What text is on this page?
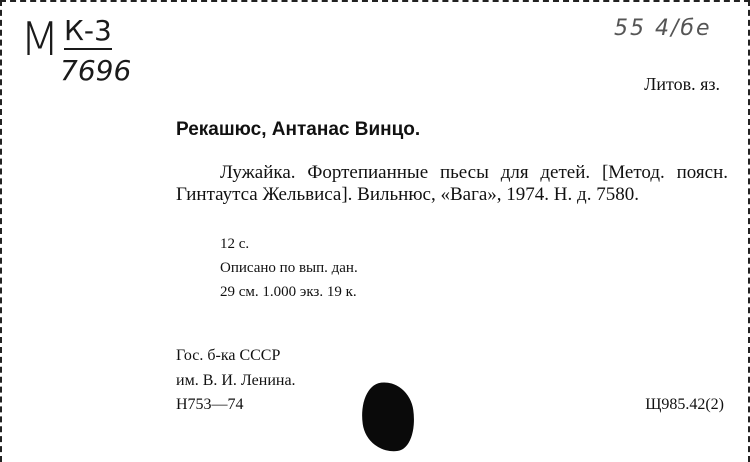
M К-3
7696
55 4/бe
Литов. яз.
Рекашюс, Антанас Винцо.
Лужайка. Фортепианные пьесы для детей. [Метод. поясн. Гинтаутса Жельвиса]. Вильнюс, «Вага», 1974. Н. д. 7580.
12 с.
Описано по вып. дан.
29 см. 1.000 экз. 19 к.
Гос. б-ка СССР
им. В. И. Ленина.
Н753—74	Щ985.42(2)
